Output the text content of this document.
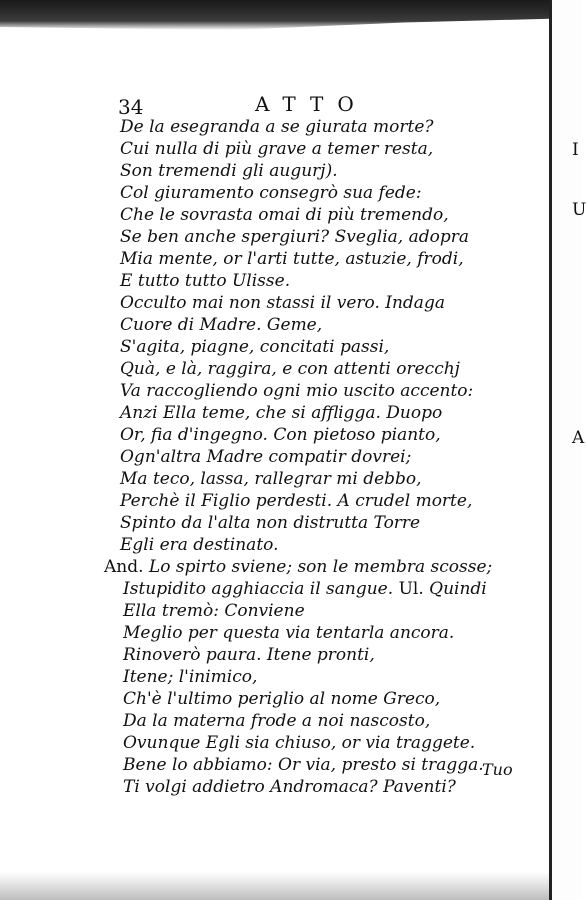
I
U
A
34	ATTO
De la esegranda a se giurata morte?
Cui nulla di più grave a temer resta,
Son tremendi gli augurj).
Col giuramento consegrò sua fede:
Che le sovrasta omai di più tremendo,
Se ben anche spergiuri? Sveglia, adopra
Mia mente, or l'arti tutte, astuzie, frodi,
E tutto tutto Ulisse.
Occulto mai non stassi il vero. Indaga
Cuore di Madre. Geme,
S'agita, piagne, concitati passi,
Quà, e là, raggira, e con attenti orecchj
Va raccogliendo ogni mio uscito accento:
Anzi Ella teme, che si affligga. Duopo
Or, fia d'ingegno. Con pietoso pianto,
Ogn'altra Madre compatir dovrei;
Ma teco, lassa, rallegrar mi debbo,
Perchè il Figlio perdesti. A crudel morte,
Spinto da l'alta non distrutta Torre
Egli era destinato.
And. Lo spirto sviene; son le membra scosse;
Istupidito agghiaccia il sangue. Ul. Quindi
Ella tremò: Conviene
Meglio per questa via tentarla ancora.
Rinoverò paura. Itene pronti,
Itene; l'inimico,
Ch'è l'ultimo periglio al nome Greco,
Da la materna frode a noi nascosto,
Ovunque Egli sia chiuso, or via traggete.
Bene lo abbiamo: Or via, presto si tragga.
Ti volgi addietro Andromaca? Paventi?
Tuo
